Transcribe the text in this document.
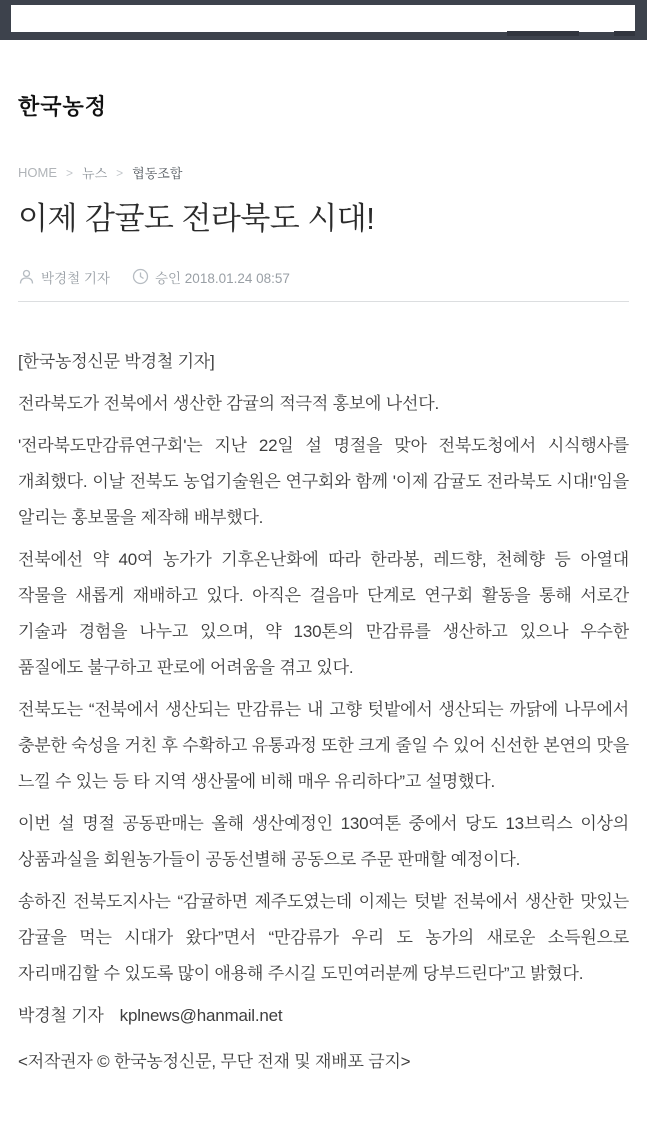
한국농정
HOME > 뉴스 > 협동조합
이제 감귤도 전라북도 시대!
박경철 기자	승인 2018.01.24 08:57

[한국농정신문 박경철 기자]

전라북도가 전북에서 생산한 감귤의 적극적 홍보에 나선다.

'전라북도만감류연구회'는 지난 22일 설 명절을 맞아 전북도청에서 시식행사를 개최했다. 이날 전북도 농업기술원은 연구회와 함께 '이제 감귤도 전라북도 시대!'임을 알리는 홍보물을 제작해 배부했다.

전북에선 약 40여 농가가 기후온난화에 따라 한라봉, 레드향, 천혜향 등 아열대 작물을 새롭게 재배하고 있다. 아직은 걸음마 단계로 연구회 활동을 통해 서로간 기술과 경험을 나누고 있으며, 약 130톤의 만감류를 생산하고 있으나 우수한 품질에도 불구하고 판로에 어려움을 겪고 있다.

전북도는 “전북에서 생산되는 만감류는 내 고향 텃밭에서 생산되는 까닭에 나무에서 충분한 숙성을 거친 후 수확하고 유통과정 또한 크게 줄일 수 있어 신선한 본연의 맛을 느낄 수 있는 등 타 지역 생산물에 비해 매우 유리하다”고 설명했다.

이번 설 명절 공동판매는 올해 생산예정인 130여톤 중에서 당도 13브릭스 이상의 상품과실을 회원농가들이 공동선별해 공동으로 주문 판매할 예정이다.

송하진 전북도지사는 “감귤하면 제주도였는데 이제는 텃밭 전북에서 생산한 맛있는 감귤을 먹는 시대가 왔다”면서 “만감류가 우리 도 농가의 새로운 소득원으로 자리매김할 수 있도록 많이 애용해 주시길 도민여러분께 당부드린다”고 밝혔다.

박경철 기자 kplnews@hanmail.net
<저작권자 © 한국농정신문, 무단 전재 및 재배포 금지>
